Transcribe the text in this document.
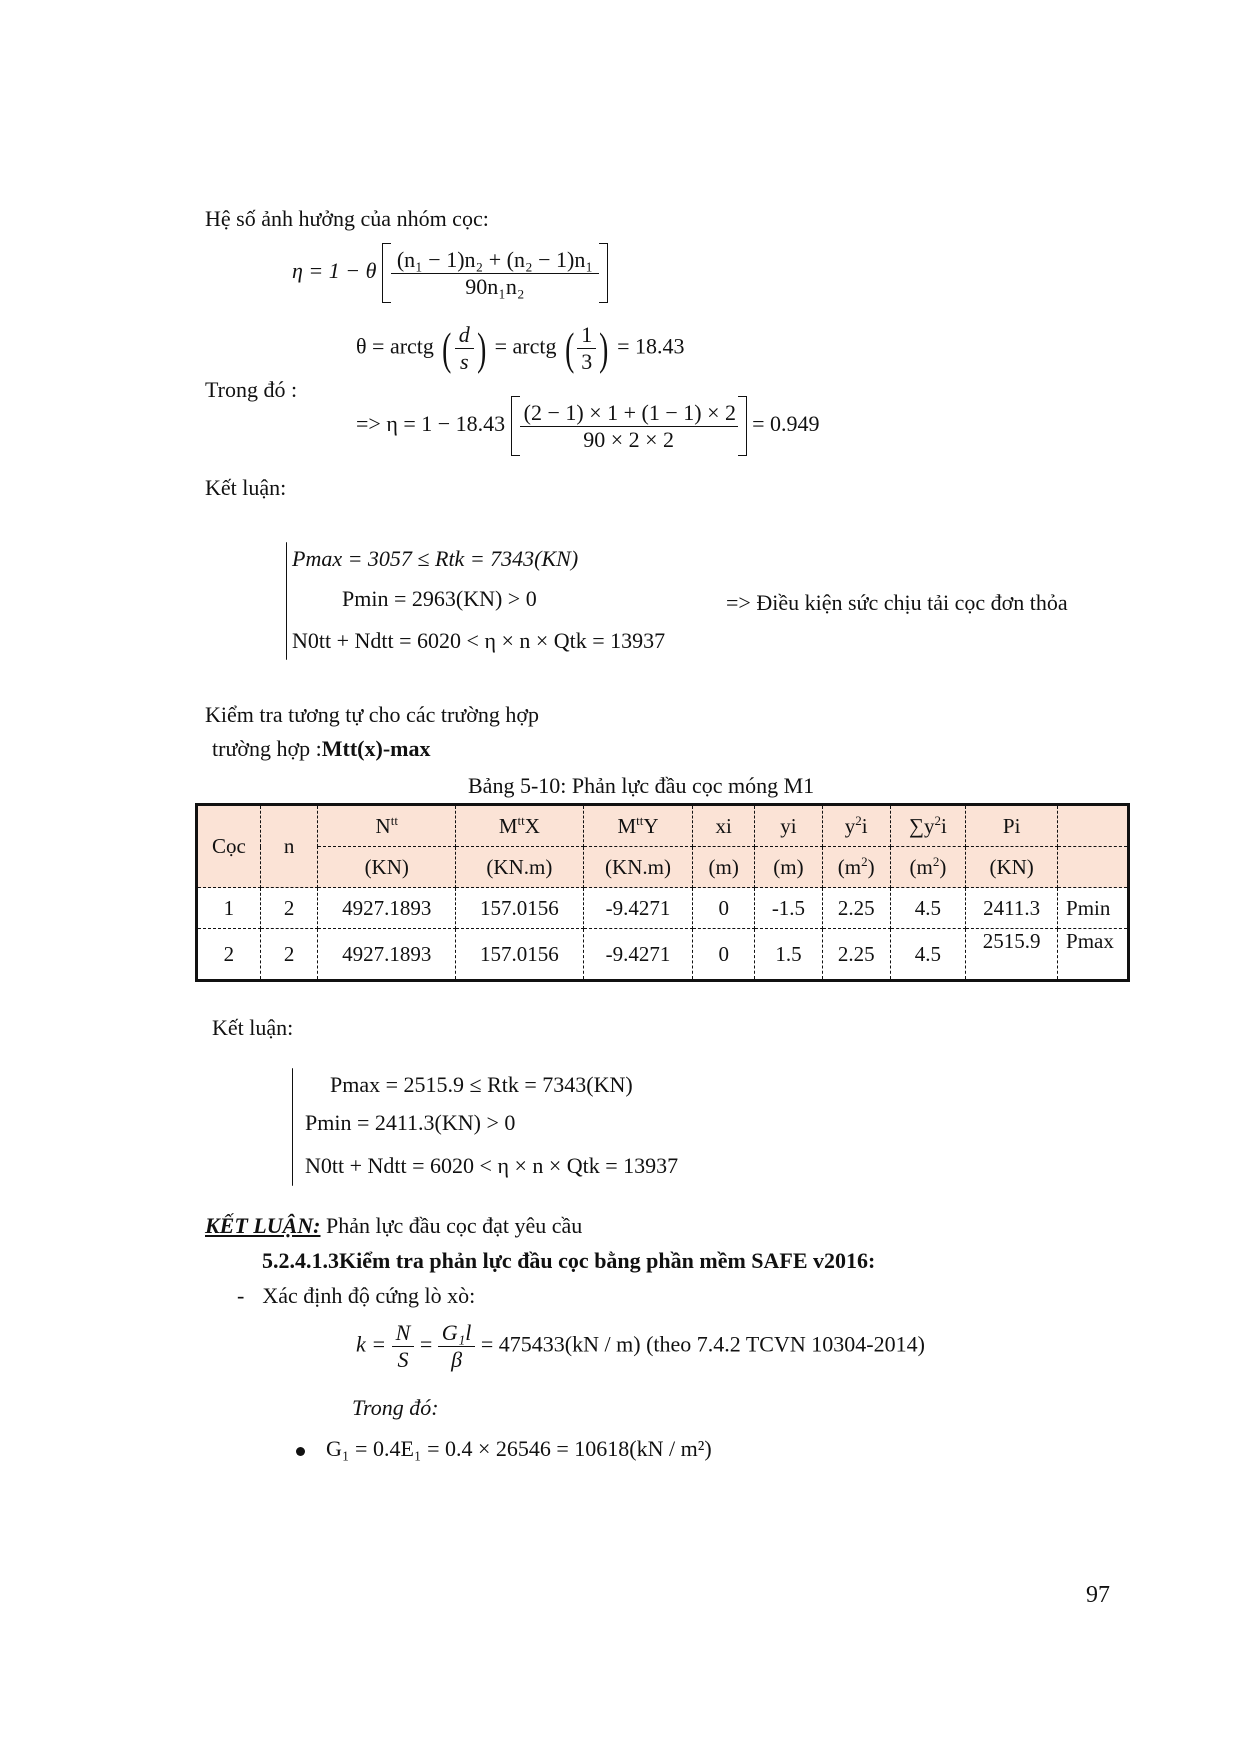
Hệ số ảnh hưởng của nhóm cọc:
η = 1 − θ $\frac{\text{(n₁ − 1)n₂ + (n₂ − 1)n₁}}{\text{90n₁n₂}}$
θ = arctg ( $\frac{d}{s}$ ) = arctg ( $\frac{1}{3}$ ) = 18.43
Trong đó :
=> $\eta = 1 - 18.43 \frac{(2 - 1) \times 1 + (1 - 1) \times 2}{90 \times 2 \times 2} = 0.949$
Kết luận:
Pmax = 3057 ≤ Rtk = 7343(KN)
Pmin = 2963(KN) > 0
N0tt + Ndtt = 6020 < η × n × Qtk = 13937
=> Điều kiện sức chịu tải cọc đơn thỏa
Kiểm tra tương tự cho các trường hợp
trường hợp :Mtt(x)-max
Bảng 5-10: Phản lực đầu cọc móng M1
Cọc	n	$N^{tt}$	$M^{tt}X$	$M^{tt}Y$	xi	yi	$y^2i$	$\sum y^2i$	Pi	
		(KN)	(KN.m)	(KN.m)	(m)	(m)	$(m^2)$	$(m^2)$	(KN)	
1	2	4927.1893	157.0156	-9.4271	0	-1.5	2.25	4.5	2411.3	Pmin
2	2	4927.1893	157.0156	-9.4271	0	1.5	2.25	4.5	2515.9	Pmax
Kết luận:
Pmax = 2515.9 ≤ Rtk = 7343(KN)
Pmin = 2411.3(KN) > 0
N0tt + Ndtt = 6020 < η × n × Qtk = 13937
KẾT LUẬN: Phản lực đầu cọc đạt yêu cầu
5.2.4.1.3Kiểm tra phản lực đầu cọc bằng phần mềm SAFE v2016:
- Xác định độ cứng lò xò:
$k = \frac{N}{S} = \frac{\text{G₁l}}{\beta} = 475433(kN / m)$ (theo 7.4.2 TCVN 10304-2014)
Trong đó:
G₁ = 0.4E₁ = 0.4 × 26546 = 10618(kN / m²)
97
